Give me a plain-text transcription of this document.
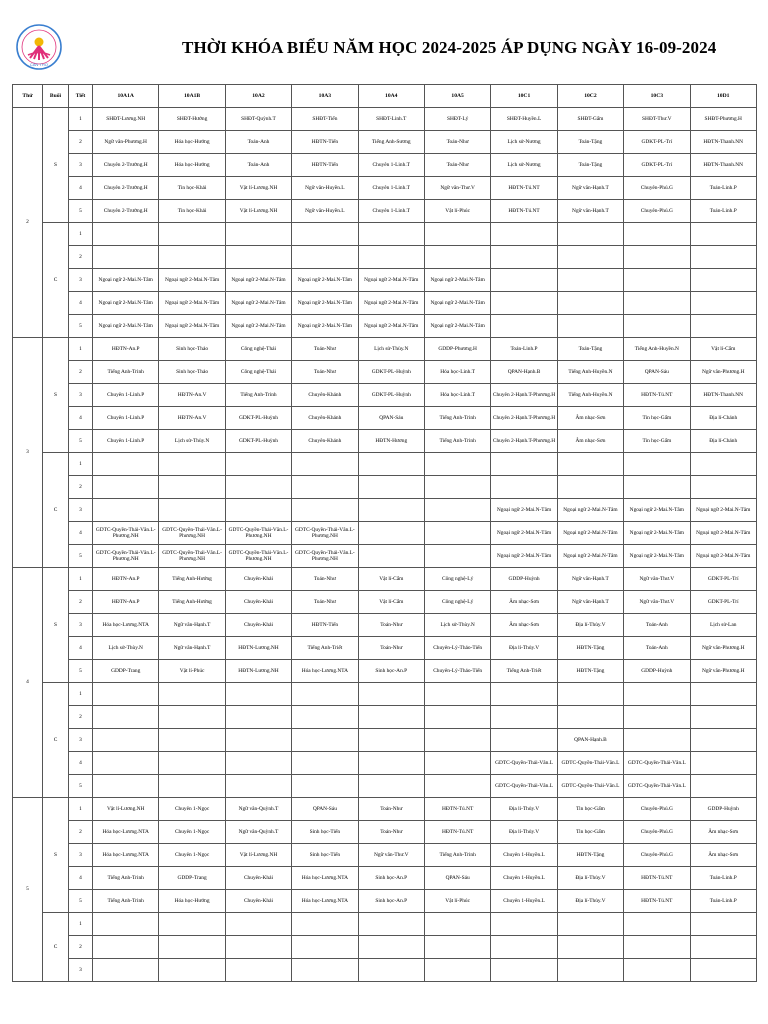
CẦN THƠ
THỜI KHÓA BIỂU NĂM HỌC 2024-2025 ÁP DỤNG NGÀY 16-09-2024
Thứ	Buổi	Tiết	10A1A	10A1B	10A2	10A3	10A4	10A5	10C1	10C2	10C3	10D1
2	S	1	SHĐT-Lương.NH	SHĐT-Hướng	SHĐT-Quỳnh.T	SHĐT-Tiến	SHĐT-Linh.T	SHĐT-Lý	SHĐT-Huyền.L	SHĐT-Gấm	SHĐT-Thư.V	SHĐT-Phương.H
		2	Ngữ văn-Phương.H	Hóa học-Hướng	Toán-Anh	HĐTN-Tiến	Tiếng Anh-Sương	Toán-Như	Lịch sử-Nương	Toán-Tặng	GDKT-PL-Trí	HĐTN-Thanh.NN
		3	Chuyên 2-Trường.H	Hóa học-Hướng	Toán-Anh	HĐTN-Tiến	Chuyên 1-Linh.T	Toán-Như	Lịch sử-Nương	Toán-Tặng	GDKT-PL-Trí	HĐTN-Thanh.NN
		4	Chuyên 2-Trường.H	Tin học-Khải	Vật lí-Lương.NH	Ngữ văn-Huyền.L	Chuyên 1-Linh.T	Ngữ văn-Thư.V	HĐTN-Tú.NT	Ngữ văn-Hạnh.T	Chuyên-Phú.G	Toán-Linh.P
		5	Chuyên 2-Trường.H	Tin học-Khải	Vật lí-Lương.NH	Ngữ văn-Huyền.L	Chuyên 1-Linh.T	Vật lí-Phúc	HĐTN-Tú.NT	Ngữ văn-Hạnh.T	Chuyên-Phú.G	Toán-Linh.P
	C	1										
		2										
		3	Ngoại ngữ 2-Mai.N-Tâm	Ngoại ngữ 2-Mai.N-Tâm	Ngoại ngữ 2-Mai.N-Tâm	Ngoại ngữ 2-Mai.N-Tâm	Ngoại ngữ 2-Mai.N-Tâm	Ngoại ngữ 2-Mai.N-Tâm				
		4	Ngoại ngữ 2-Mai.N-Tâm	Ngoại ngữ 2-Mai.N-Tâm	Ngoại ngữ 2-Mai.N-Tâm	Ngoại ngữ 2-Mai.N-Tâm	Ngoại ngữ 2-Mai.N-Tâm	Ngoại ngữ 2-Mai.N-Tâm				
		5	Ngoại ngữ 2-Mai.N-Tâm	Ngoại ngữ 2-Mai.N-Tâm	Ngoại ngữ 2-Mai.N-Tâm	Ngoại ngữ 2-Mai.N-Tâm	Ngoại ngữ 2-Mai.N-Tâm	Ngoại ngữ 2-Mai.N-Tâm				
3	S	1	HĐTN-An.P	Sinh học-Thảo	Công nghệ-Thái	Toán-Như	Lịch sử-Thùy.N	GDDP-Phương.H	Toán-Linh.P	Toán-Tặng	Tiếng Anh-Huyền.N	Vật lí-Cẩm
		2	Tiếng Anh-Trinh	Sinh học-Thảo	Công nghệ-Thái	Toán-Như	GDKT-PL-Huỳnh	Hóa học-Linh.T	QPAN-Hạnh.B	Tiếng Anh-Huyền.N	QPAN-Sáu	Ngữ văn-Phương.H
		3	Chuyên 1-Linh.P	HĐTN-An.V	Tiếng Anh-Trinh	Chuyên-Khánh	GDKT-PL-Huỳnh	Hóa học-Linh.T	Chuyên 2-Hạnh.T-Phương.H	Tiếng Anh-Huyền.N	HĐTN-Tú.NT	HĐTN-Thanh.NN
		4	Chuyên 1-Linh.P	HĐTN-An.V	GDKT-PL-Huỳnh	Chuyên-Khánh	QPAN-Sáu	Tiếng Anh-Trinh	Chuyên 2-Hạnh.T-Phương.H	Âm nhạc-Sơn	Tin học-Gấm	Địa lí-Chánh
		5	Chuyên 1-Linh.P	Lịch sử-Thùy.N	GDKT-PL-Huỳnh	Chuyên-Khánh	HĐTN-Hương	Tiếng Anh-Trinh	Chuyên 2-Hạnh.T-Phương.H	Âm nhạc-Sơn	Tin học-Gấm	Địa lí-Chánh
	C	1										
		2										
		3							Ngoại ngữ 2-Mai.N-Tâm	Ngoại ngữ 2-Mai.N-Tâm	Ngoại ngữ 2-Mai.N-Tâm	Ngoại ngữ 2-Mai.N-Tâm
		4	GDTC-Quyền-Thái-Văn.L-Phương.NH	GDTC-Quyền-Thái-Văn.L-Phương.NH	GDTC-Quyền-Thái-Văn.L-Phương.NH	GDTC-Quyền-Thái-Văn.L-Phương.NH			Ngoại ngữ 2-Mai.N-Tâm	Ngoại ngữ 2-Mai.N-Tâm	Ngoại ngữ 2-Mai.N-Tâm	Ngoại ngữ 2-Mai.N-Tâm
		5	GDTC-Quyền-Thái-Văn.L-Phương.NH	GDTC-Quyền-Thái-Văn.L-Phương.NH	GDTC-Quyền-Thái-Văn.L-Phương.NH	GDTC-Quyền-Thái-Văn.L-Phương.NH			Ngoại ngữ 2-Mai.N-Tâm	Ngoại ngữ 2-Mai.N-Tâm	Ngoại ngữ 2-Mai.N-Tâm	Ngoại ngữ 2-Mai.N-Tâm
4	S	1	HĐTN-An.P	Tiếng Anh-Hướng	Chuyên-Khải	Toán-Như	Vật lí-Cẩm	Công nghệ-Lý	GDDP-Huỳnh	Ngữ văn-Hạnh.T	Ngữ văn-Thư.V	GDKT-PL-Trí
		2	HĐTN-An.P	Tiếng Anh-Hướng	Chuyên-Khải	Toán-Như	Vật lí-Cẩm	Công nghệ-Lý	Âm nhạc-Sơn	Ngữ văn-Hạnh.T	Ngữ văn-Thư.V	GDKT-PL-Trí
		3	Hóa học-Lương.NTA	Ngữ văn-Hạnh.T	Chuyên-Khải	HĐTN-Tiến	Toán-Như	Lịch sử-Thùy.N	Âm nhạc-Sơn	Địa lí-Thủy.V	Toán-Anh	Lịch sử-Lan
		4	Lịch sử-Thùy.N	Ngữ văn-Hạnh.T	HĐTN-Lương.NH	Tiếng Anh-Triết	Toán-Như	Chuyên-Lý-Thảo-Tiến	Địa lí-Thủy.V	HĐTN-Tặng	Toán-Anh	Ngữ văn-Phương.H
		5	GDDP-Trang	Vật lí-Phúc	HĐTN-Lương.NH	Hóa học-Lương.NTA	Sinh học-An.P	Chuyên-Lý-Thảo-Tiến	Tiếng Anh-Triết	HĐTN-Tặng	GDDP-Huỳnh	Ngữ văn-Phương.H
	C	1										
		2										
		3								QPAN-Hạnh.B		
		4							GDTC-Quyền-Thái-Văn.L	GDTC-Quyền-Thái-Văn.L	GDTC-Quyền-Thái-Văn.L	
		5							GDTC-Quyền-Thái-Văn.L	GDTC-Quyền-Thái-Văn.L	GDTC-Quyền-Thái-Văn.L	
5	S	1	Vật lí-Lương.NH	Chuyên 1-Ngọc	Ngữ văn-Quỳnh.T	QPAN-Sáu	Toán-Như	HĐTN-Tú.NT	Địa lí-Thủy.V	Tin học-Gấm	Chuyên-Phú.G	GDDP-Huỳnh
		2	Hóa học-Lương.NTA	Chuyên 1-Ngọc	Ngữ văn-Quỳnh.T	Sinh học-Tiến	Toán-Như	HĐTN-Tú.NT	Địa lí-Thủy.V	Tin học-Gấm	Chuyên-Phú.G	Âm nhạc-Sơn
		3	Hóa học-Lương.NTA	Chuyên 1-Ngọc	Vật lí-Lương.NH	Sinh học-Tiến	Ngữ văn-Thư.V	Tiếng Anh-Trinh	Chuyên 1-Huyền.L	HĐTN-Tặng	Chuyên-Phú.G	Âm nhạc-Sơn
		4	Tiếng Anh-Trinh	GDDP-Trang	Chuyên-Khải	Hóa học-Lương.NTA	Sinh học-An.P	QPAN-Sáu	Chuyên 1-Huyền.L	Địa lí-Thủy.V	HĐTN-Tú.NT	Toán-Linh.P
		5	Tiếng Anh-Trinh	Hóa học-Hướng	Chuyên-Khải	Hóa học-Lương.NTA	Sinh học-An.P	Vật lí-Phúc	Chuyên 1-Huyền.L	Địa lí-Thủy.V	HĐTN-Tú.NT	Toán-Linh.P
	C	1										
		2										
		3										
